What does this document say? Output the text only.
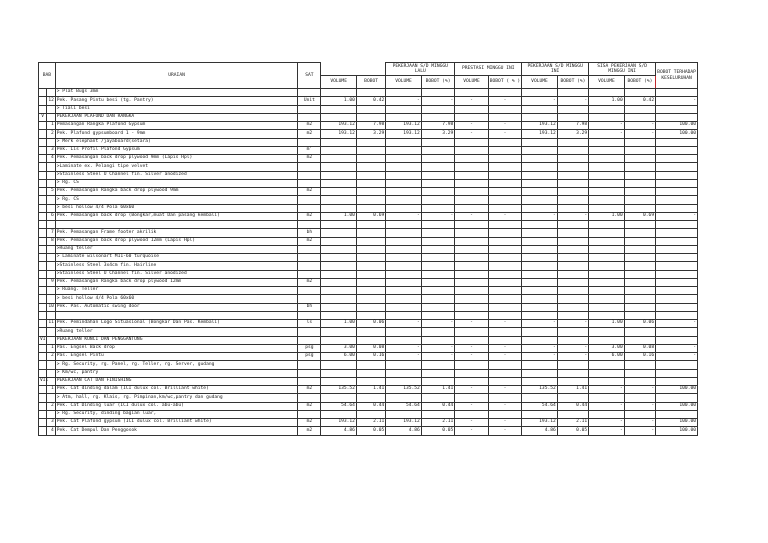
BAB		URAIAN	SAT			PEKERJAAN S/D MINGGU LALU		PRESTASI MINGGU INI		PEKERJAAN S/D MINGGU INI		SISA PEKERJAAN S/D MINGGU INI		BOBOT TERHADAP KESELURUHAN
				VOLUME	BOBOT	VOLUME	BOBOT (%)	VOLUME	BOBOT ( % )	VOLUME	BOBOT (%)	VOLUME	BOBOT (%)	
		> Plat Bugs 3mm												
	12	Pek. Pasang Pintu besi (tg. Pantry)	Unit	1.00	0.42	-	-	-	-	-	-	1.00	0.42	-
		> Tiali besi												
V		PEKERJAAN PLAFOND DAN RANGKA												
	1	Pemasangan Rangka Plafond Gypsum	m2	193.12	7.98	193.12	7.98	-	-	193.12	7.98	-	-	100.00
	2	Pek. Plafond gypsumboard 1 - 9mm	m2	193.12	3.29	193.12	3.29	-	-	193.12	3.29	-	-	100.00
		> Merk elephant /jayaboard(setara)												
	3	Pek. Lis Profil Plafond Gypsum	m'											
	4	Pek. Pemasangan back drop plywood 9mm (Lapis Hpl)	m2											
		>Laminate ex. Pelangi tipe velvet												
		>Stainless Steel U Channel fin. Silver anodized												
		> Rg. CS												
	5	Pek. Pemasangan Rangka back drop plywood 9mm	m2											
		> Rg. CS												
		> besi hollow 4/4 Pola 60x60												
	6	Pek. Pemasangan back drop (Bongkar,muat Dan pasang kembali)	m2	1.00	0.69	-	-	-	-	-	-	1.00	0.69	-

	7	Pek. Pemasangan Frame footer akrilik	bh											
	8	Pek. Pemasangan back drop plywood 12mm (Lapis Hpl)	m2											
		>Ruang teller												
		> Laminate wilsonart M11-60 turquoise												
		>Stainless Steel 3x4cm fin. Hairline												
		>Stainless Steel U Channel fin. Silver anodized												
	9	Pek. Pemasangan Rangka back drop plywood 12mm	m2											
		> Ruang. Teller												
		> besi hollow 4/4 Pola 60x60												
	10	Pek. Pas. Automatic swing door	bh											

	11	Pek. Pemindahan Logo Situasional (Bongkar Dan Pas. Kembali)	ls	1.00	0.06	-	-	-	-	-	-	1.00	0.06	-
		>Ruang teller												
VI		PEKERJAAN KUNCI DAN PENGGANTUNG												
	1	Pas. Engsel Back drop	psg	3.00	0.08	-	-	-	-	-	-	3.00	0.08	-
	2	Pas. Engsel Pintu	psg	6.00	0.16	-	-	-	-	-	-	6.00	0.16	-
		> Rg. Security, rg. Panel, rg. Teller, rg. Server, gudang												
		> Km/wc, pantry												
VII		PEKERJAAN CAT DAN FINISHING												
	1	Pek. Cat dinding dalam (ICI dulux col. Brilliant white)	m2	135.52	1.41	135.52	1.41	-	-	135.52	1.41	-	-	100.00
		> Atm, hall, rg. Klais, rg. Pimpinan,km/wc,pantry dan gudang												
	2	Pek. Cat Dinding luar (ICI dulux col. abu-abu)	m2	54.64	0.44	54.64	0.44	-	-	54.64	0.44	-	-	100.00
		> Rg. Security, dinding bagian luar,												
	3	Pek. Cat Plafond gypsum (ICI dulux col. Brilliant white)	m2	193.12	2.11	193.12	2.11	-	-	193.12	2.11	-	-	100.00
	4	Pek. Cat Dempul Dan Penggosok	m2	4.86	0.05	4.86	0.05	-	-	4.86	0.05	-	-	100.00
